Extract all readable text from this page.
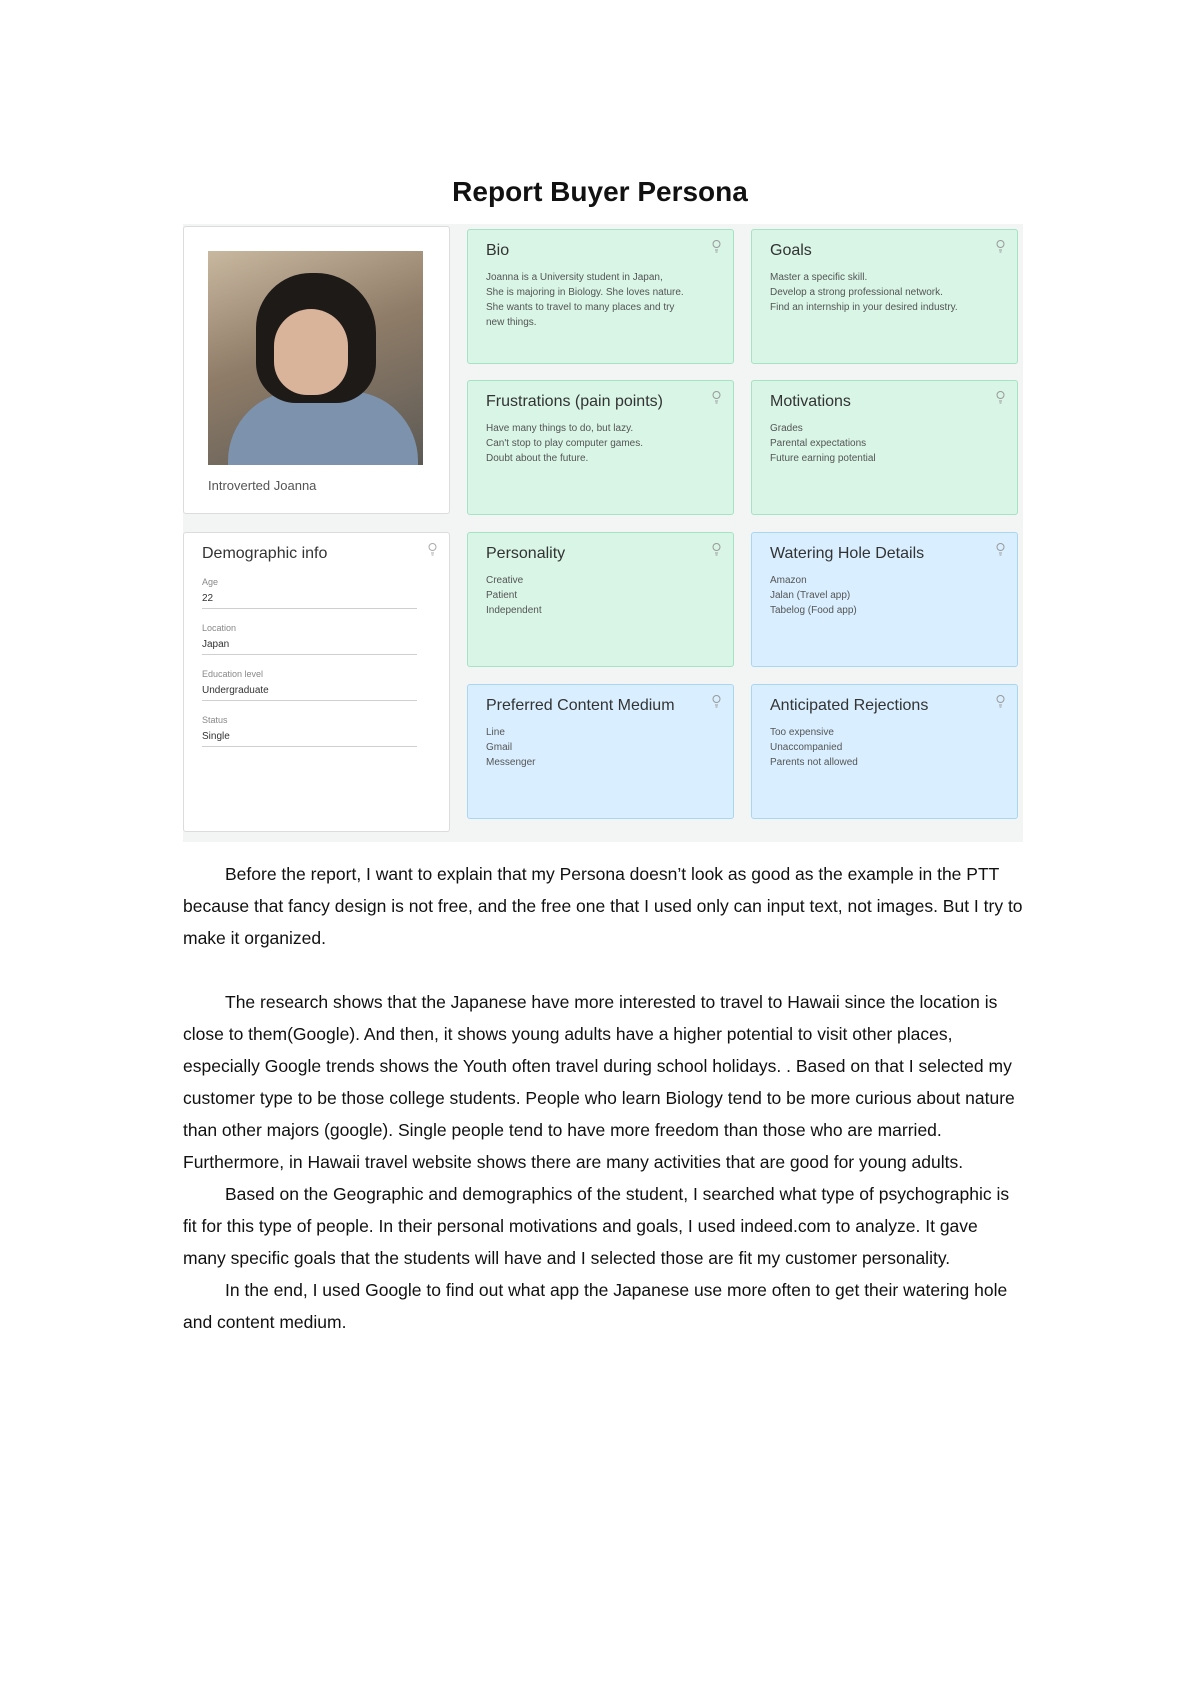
Report Buyer Persona
Introverted Joanna
Demographic info
Age
22
Location
Japan
Education level
Undergraduate
Status
Single
Bio
Joanna is a University student in Japan,
She is majoring in Biology. She loves nature.
She wants to travel to many places and try
new things.
Goals
Master a specific skill.
Develop a strong professional network.
Find an internship in your desired industry.
Frustrations (pain points)
Have many things to do, but lazy.
Can't stop to play computer games.
Doubt about the future.
Motivations
Grades
Parental expectations
Future earning potential
Personality
Creative
Patient
Independent
Watering Hole Details
Amazon
Jalan (Travel app)
Tabelog (Food app)
Preferred Content Medium
Line
Gmail
Messenger
Anticipated Rejections
Too expensive
Unaccompanied
Parents not allowed

Before the report, I want to explain that my Persona doesn’t look as good as the example in the PTT because that fancy design is not free, and the free one that I used only can input text, not images. But I try to make it organized.

The research shows that the Japanese have more interested to travel to Hawaii since the location is close to them(Google). And then, it shows young adults have a higher potential to visit other places, especially Google trends shows the Youth often travel during school holidays. . Based on that I selected my customer type to be those college students. People who learn Biology tend to be more curious about nature than other majors (google). Single people tend to have more freedom than those who are married. Furthermore, in Hawaii travel website shows there are many activities that are good for young adults.

Based on the Geographic and demographics of the student, I searched what type of psychographic is fit for this type of people. In their personal motivations and goals, I used indeed.com to analyze. It gave many specific goals that the students will have and I selected those are fit my customer personality.

In the end, I used Google to find out what app the Japanese use more often to get their watering hole and content medium.
